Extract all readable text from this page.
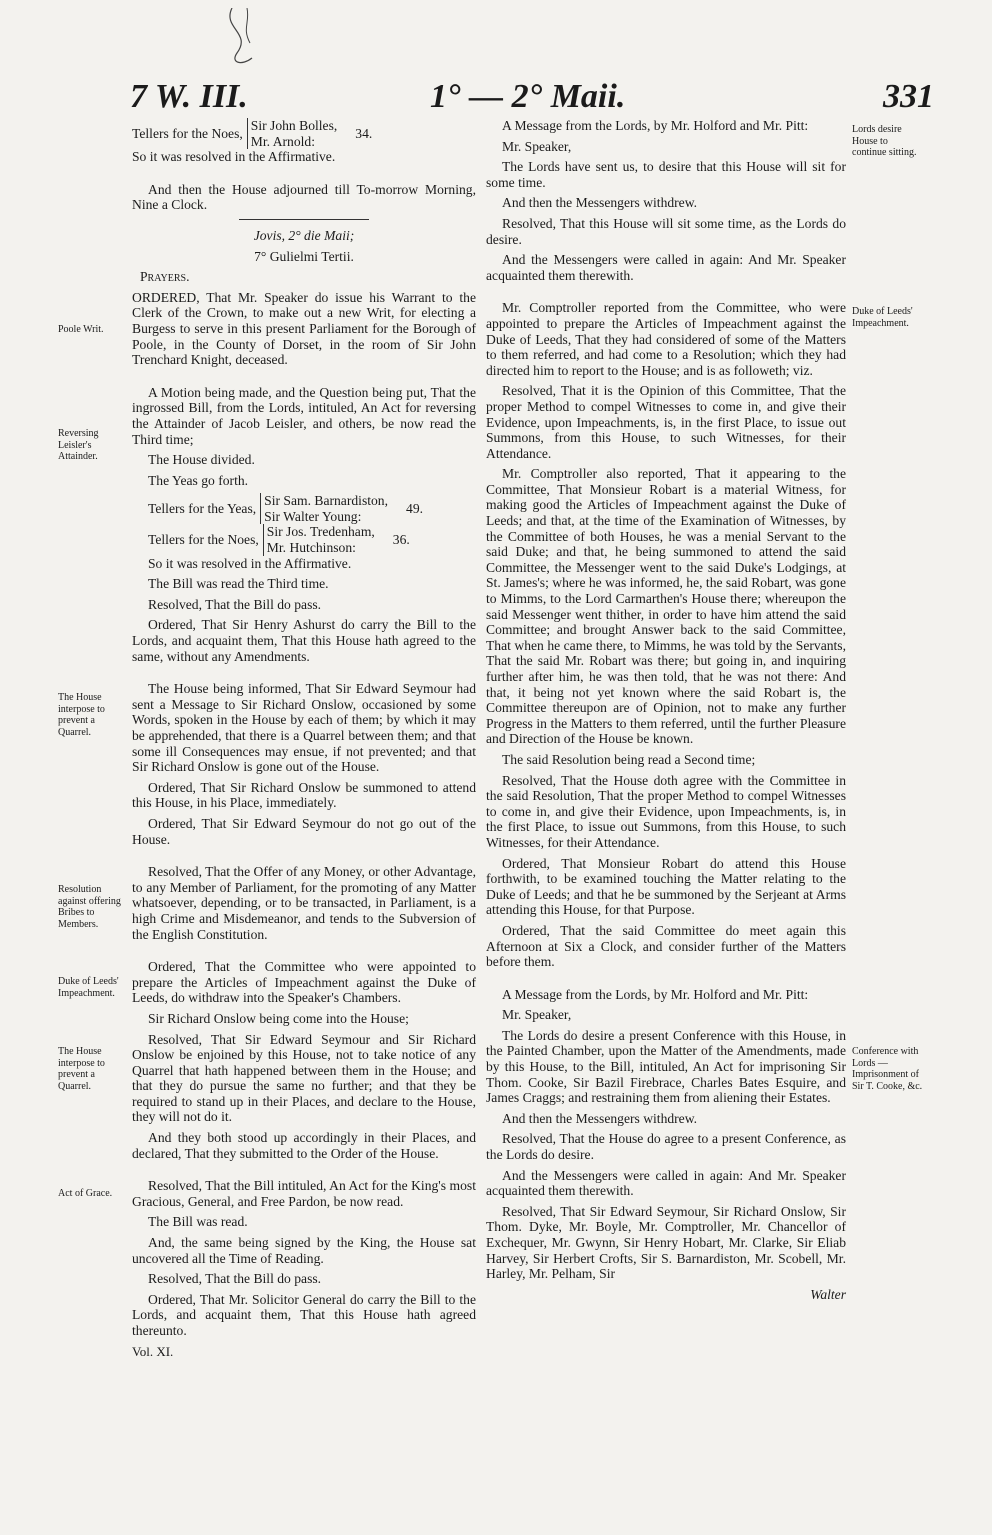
7 W. III.	1° — 2° Maii.	331
Poole Writ.
Reversing Leisler's Attainder.
The House interpose to prevent a Quarrel.
Resolution against offering Bribes to Members.
Duke of Leeds' Impeachment.
The House interpose to prevent a Quarrel.
Act of Grace.
Lords desire House to continue sitting.
Duke of Leeds' Impeachment.
Conference with Lords — Imprisonment of Sir T. Cooke, &c.
Tellers for the Noes,
Sir John Bolles,
Mr. Arnold:
34.

So it was resolved in the Affirmative.

And then the House adjourned till To-morrow Morning, Nine a Clock.

Jovis, 2° die Maii;

7° Gulielmi Tertii.

Prayers.

ORDERED, That Mr. Speaker do issue his Warrant to the Clerk of the Crown, to make out a new Writ, for electing a Burgess to serve in this present Parliament for the Borough of Poole, in the County of Dorset, in the room of Sir John Trenchard Knight, deceased.

A Motion being made, and the Question being put, That the ingrossed Bill, from the Lords, intituled, An Act for reversing the Attainder of Jacob Leisler, and others, be now read the Third time;

The House divided.

The Yeas go forth.

Tellers for the Yeas,
Sir Sam. Barnardiston,
Sir Walter Young:
49.
Tellers for the Noes,
Sir Jos. Tredenham,
Mr. Hutchinson:
36.

So it was resolved in the Affirmative.

The Bill was read the Third time.

Resolved, That the Bill do pass.

Ordered, That Sir Henry Ashurst do carry the Bill to the Lords, and acquaint them, That this House hath agreed to the same, without any Amendments.

The House being informed, That Sir Edward Seymour had sent a Message to Sir Richard Onslow, occasioned by some Words, spoken in the House by each of them; by which it may be apprehended, that there is a Quarrel between them; and that some ill Consequences may ensue, if not prevented; and that Sir Richard Onslow is gone out of the House.

Ordered, That Sir Richard Onslow be summoned to attend this House, in his Place, immediately.

Ordered, That Sir Edward Seymour do not go out of the House.

Resolved, That the Offer of any Money, or other Advantage, to any Member of Parliament, for the promoting of any Matter whatsoever, depending, or to be transacted, in Parliament, is a high Crime and Misdemeanor, and tends to the Subversion of the English Constitution.

Ordered, That the Committee who were appointed to prepare the Articles of Impeachment against the Duke of Leeds, do withdraw into the Speaker's Chambers.

Sir Richard Onslow being come into the House;

Resolved, That Sir Edward Seymour and Sir Richard Onslow be enjoined by this House, not to take notice of any Quarrel that hath happened between them in the House; and that they do pursue the same no further; and that they be required to stand up in their Places, and declare to the House, they will not do it.

And they both stood up accordingly in their Places, and declared, That they submitted to the Order of the House.

Resolved, That the Bill intituled, An Act for the King's most Gracious, General, and Free Pardon, be now read.

The Bill was read.

And, the same being signed by the King, the House sat uncovered all the Time of Reading.

Resolved, That the Bill do pass.

Ordered, That Mr. Solicitor General do carry the Bill to the Lords, and acquaint them, That this House hath agreed thereunto.

Vol. XI.

A Message from the Lords, by Mr. Holford and Mr. Pitt:

Mr. Speaker,

The Lords have sent us, to desire that this House will sit for some time.

And then the Messengers withdrew.

Resolved, That this House will sit some time, as the Lords do desire.

And the Messengers were called in again: And Mr. Speaker acquainted them therewith.

Mr. Comptroller reported from the Committee, who were appointed to prepare the Articles of Impeachment against the Duke of Leeds, That they had considered of some of the Matters to them referred, and had come to a Resolution; which they had directed him to report to the House; and is as followeth; viz.

Resolved, That it is the Opinion of this Committee, That the proper Method to compel Witnesses to come in, and give their Evidence, upon Impeachments, is, in the first Place, to issue out Summons, from this House, to such Witnesses, for their Attendance.

Mr. Comptroller also reported, That it appearing to the Committee, That Monsieur Robart is a material Witness, for making good the Articles of Impeachment against the Duke of Leeds; and that, at the time of the Examination of Witnesses, by the Committee of both Houses, he was a menial Servant to the said Duke; and that, he being summoned to attend the said Committee, the Messenger went to the said Duke's Lodgings, at St. James's; where he was informed, he, the said Robart, was gone to Mimms, to the Lord Carmarthen's House there; whereupon the said Messenger went thither, in order to have him attend the said Committee; and brought Answer back to the said Committee, That when he came there, to Mimms, he was told by the Servants, That the said Mr. Robart was there; but going in, and inquiring further after him, he was then told, that he was not there: And that, it being not yet known where the said Robart is, the Committee thereupon are of Opinion, not to make any further Progress in the Matters to them referred, until the further Pleasure and Direction of the House be known.

The said Resolution being read a Second time;

Resolved, That the House doth agree with the Committee in the said Resolution, That the proper Method to compel Witnesses to come in, and give their Evidence, upon Impeachments, is, in the first Place, to issue out Summons, from this House, to such Witnesses, for their Attendance.

Ordered, That Monsieur Robart do attend this House forthwith, to be examined touching the Matter relating to the Duke of Leeds; and that he be summoned by the Serjeant at Arms attending this House, for that Purpose.

Ordered, That the said Committee do meet again this Afternoon at Six a Clock, and consider further of the Matters before them.

A Message from the Lords, by Mr. Holford and Mr. Pitt:

Mr. Speaker,

The Lords do desire a present Conference with this House, in the Painted Chamber, upon the Matter of the Amendments, made by this House, to the Bill, intituled, An Act for imprisoning Sir Thom. Cooke, Sir Bazil Firebrace, Charles Bates Esquire, and James Craggs; and restraining them from aliening their Estates.

And then the Messengers withdrew.

Resolved, That the House do agree to a present Conference, as the Lords do desire.

And the Messengers were called in again: And Mr. Speaker acquainted them therewith.

Resolved, That Sir Edward Seymour, Sir Richard Onslow, Sir Thom. Dyke, Mr. Boyle, Mr. Comptroller, Mr. Chancellor of Exchequer, Mr. Gwynn, Sir Henry Hobart, Mr. Clarke, Sir Eliab Harvey, Sir Herbert Crofts, Sir S. Barnardiston, Mr. Scobell, Mr. Harley, Mr. Pelham, Sir

Walter
